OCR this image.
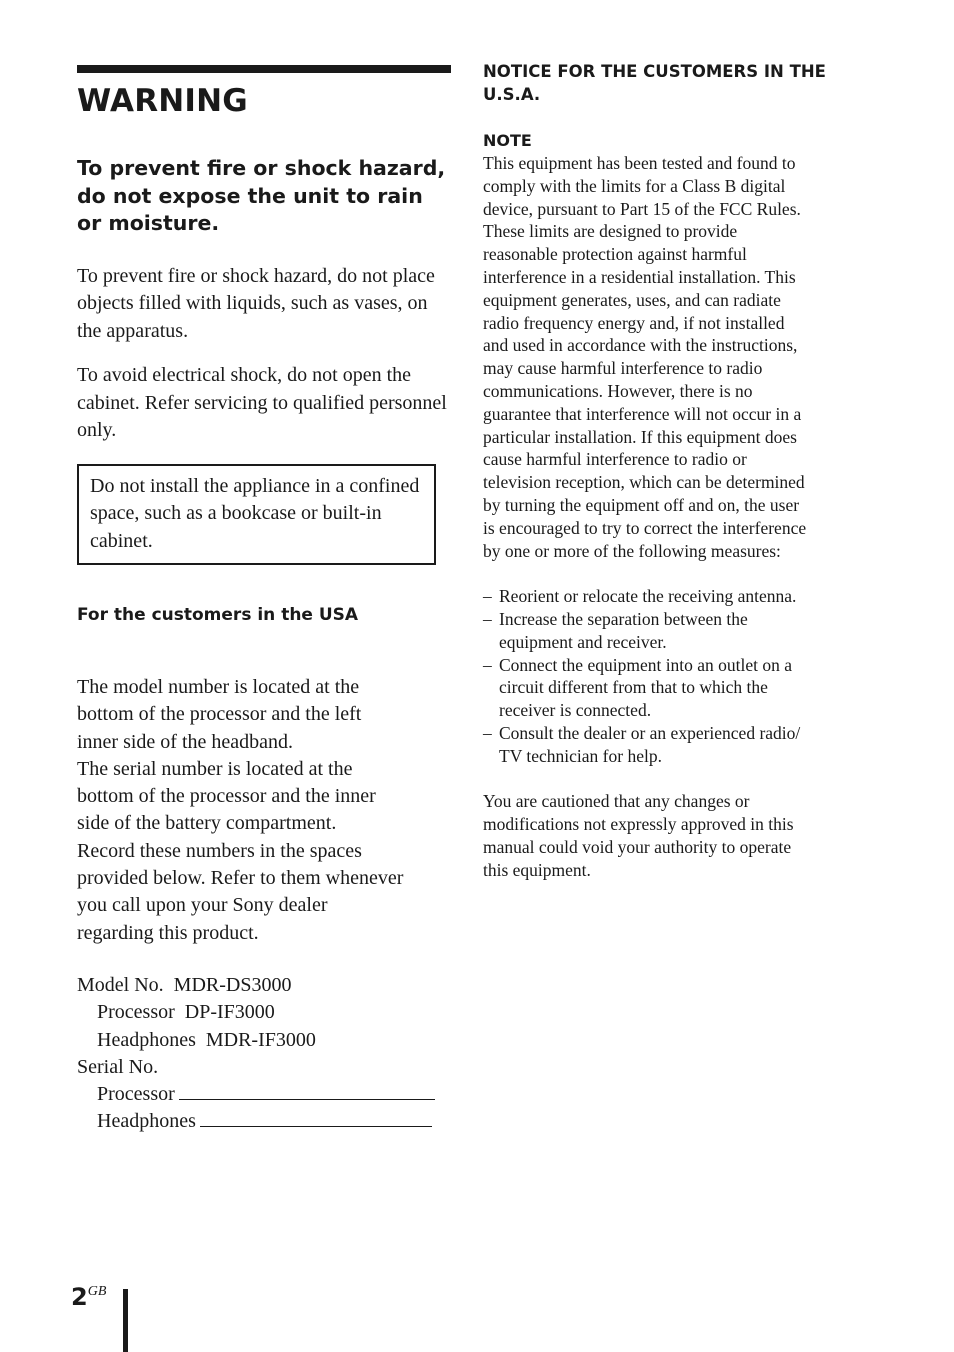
WARNING
To prevent fire or shock hazard, do not expose the unit to rain or moisture.

To prevent fire or shock hazard, do not place objects filled with liquids, such as vases, on the apparatus.

To avoid electrical shock, do not open the cabinet. Refer servicing to qualified personnel only.

Do not install the appliance in a confined space, such as a bookcase or built-in cabinet.
For the customers in the USA
The model number is located at the
bottom of the processor and the left
inner side of the headband.
The serial number is located at the
bottom of the processor and the inner
side of the battery compartment.
Record these numbers in the spaces
provided below. Refer to them whenever
you call upon your Sony dealer
regarding this product.
Model No.  MDR-DS3000
Processor  DP-IF3000
Headphones  MDR-IF3000
Serial No.
Processor
Headphones
NOTICE FOR THE CUSTOMERS IN THE U.S.A.
NOTE

This equipment has been tested and found to

comply with the limits for a Class B digital

device, pursuant to Part 15 of the FCC Rules.

These limits are designed to provide

reasonable protection against harmful

interference in a residential installation. This

equipment generates, uses, and can radiate

radio frequency energy and, if not installed

and used in accordance with the instructions,

may cause harmful interference to radio

communications. However, there is no

guarantee that interference will not occur in a

particular installation. If this equipment does

cause harmful interference to radio or

television reception, which can be determined

by turning the equipment off and on, the user

is encouraged to try to correct the interference

by one or more of the following measures:

– Reorient or relocate the receiving antenna.
– Increase the separation between the
equipment and receiver.
– Connect the equipment into an outlet on a
circuit different from that to which the
receiver is connected.
– Consult the dealer or an experienced radio/
TV technician for help.
You are cautioned that any changes or
modifications not expressly approved in this
manual could void your authority to operate
this equipment.
$2^{GB}$
